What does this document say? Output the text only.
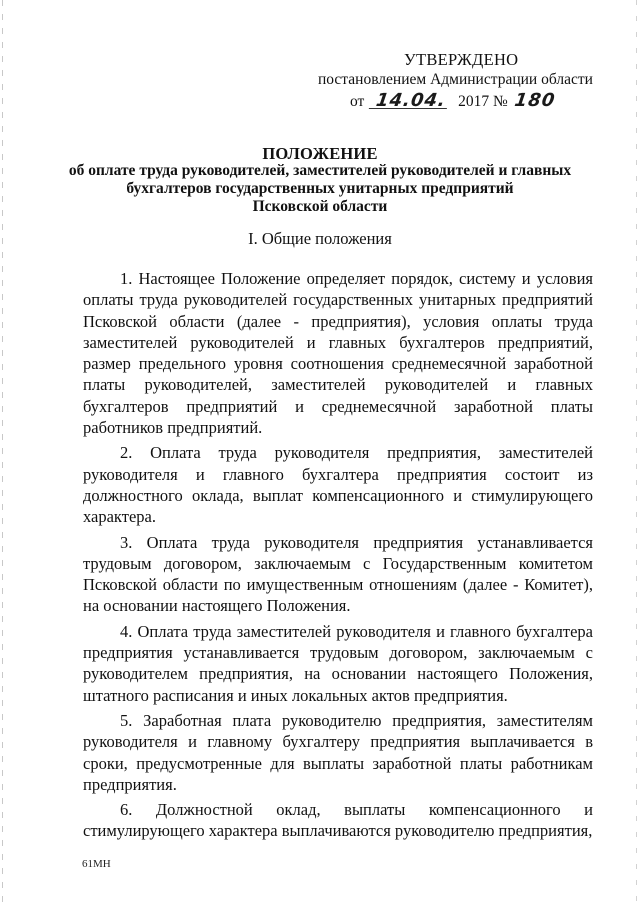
УТВЕРЖДЕНО
постановлением Администрации области
от 14.04. 2017 № 180
ПОЛОЖЕНИЕ
об оплате труда руководителей, заместителей руководителей и главных
бухгалтеров государственных унитарных предприятий
Псковской области
I. Общие положения

1. Настоящее Положение определяет порядок, систему и условия оплаты труда руководителей государственных унитарных предприятий Псковской области (далее - предприятия), условия оплаты труда заместителей руководителей и главных бухгалтеров предприятий, размер предельного уровня соотношения среднемесячной заработной платы руководителей, заместителей руководителей и главных бухгалтеров предприятий и среднемесячной заработной платы работников предприятий.

2. Оплата труда руководителя предприятия, заместителей руководителя и главного бухгалтера предприятия состоит из должностного оклада, выплат компенсационного и стимулирующего характера.

3. Оплата труда руководителя предприятия устанавливается трудовым договором, заключаемым с Государственным комитетом Псковской области по имущественным отношениям (далее - Комитет), на основании настоящего Положения.

4. Оплата труда заместителей руководителя и главного бухгалтера предприятия устанавливается трудовым договором, заключаемым с руководителем предприятия, на основании настоящего Положения, штатного расписания и иных локальных актов предприятия.

5. Заработная плата руководителю предприятия, заместителям руководителя и главному бухгалтеру предприятия выплачивается в сроки, предусмотренные для выплаты заработной платы работникам предприятия.

6. Должностной оклад, выплаты компенсационного и стимулирующего характера выплачиваются руководителю предприятия,

61МН
